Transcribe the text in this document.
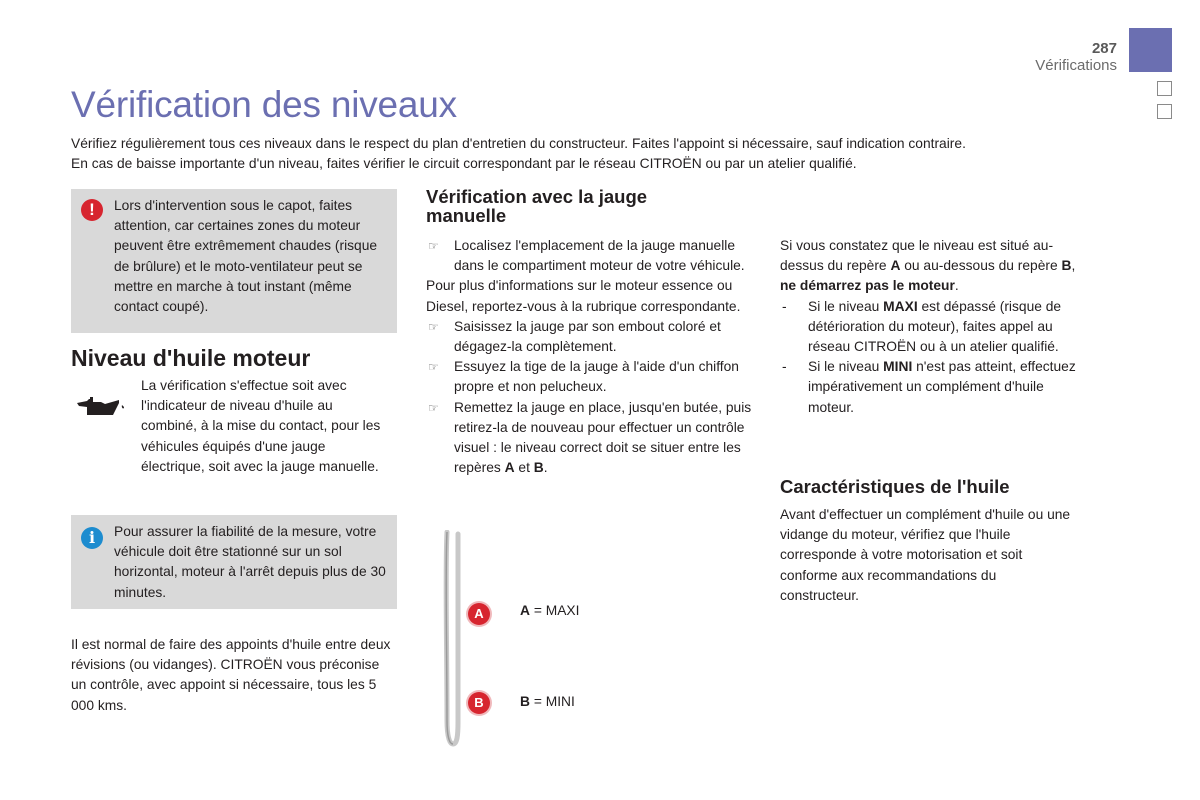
287
Vérifications
Vérification des niveaux

Vérifiez régulièrement tous ces niveaux dans le respect du plan d'entretien du constructeur. Faites l'appoint si nécessaire, sauf indication contraire.

En cas de baisse importante d'un niveau, faites vérifier le circuit correspondant par le réseau CITROËN ou par un atelier qualifié.

!	Lors d'intervention sous le capot, faites attention, car certaines zones du moteur peuvent être extrêmement chaudes (risque de brûlure) et le moto-ventilateur peut se mettre en marche à tout instant (même contact coupé).
Niveau d'huile moteur
La vérification s'effectue soit avec l'indicateur de niveau d'huile au combiné, à la mise du contact, pour les véhicules équipés d'une jauge électrique, soit avec la jauge manuelle.
i	Pour assurer la fiabilité de la mesure, votre véhicule doit être stationné sur un sol horizontal, moteur à l'arrêt depuis plus de 30 minutes.
Il est normal de faire des appoints d'huile entre deux révisions (ou vidanges). CITROËN vous préconise un contrôle, avec appoint si nécessaire, tous les 5 000 kms.
Vérification avec la jauge manuelle
☞ Localisez l'emplacement de la jauge manuelle dans le compartiment moteur de votre véhicule.
Pour plus d'informations sur le moteur essence ou Diesel, reportez-vous à la rubrique correspondante.
☞ Saisissez la jauge par son embout coloré et dégagez-la complètement.
☞ Essuyez la tige de la jauge à l'aide d'un chiffon propre et non pelucheux.
☞ Remettez la jauge en place, jusqu'en butée, puis retirez-la de nouveau pour effectuer un contrôle visuel : le niveau correct doit se situer entre les repères A et B.
A	A = MAXI
B	B = MINI
Si vous constatez que le niveau est situé au-dessus du repère A ou au-dessous du repère B, ne démarrez pas le moteur.
- Si le niveau MAXI est dépassé (risque de détérioration du moteur), faites appel au réseau CITROËN ou à un atelier qualifié.
- Si le niveau MINI n'est pas atteint, effectuez impérativement un complément d'huile moteur.
Caractéristiques de l'huile
Avant d'effectuer un complément d'huile ou une vidange du moteur, vérifiez que l'huile corresponde à votre motorisation et soit conforme aux recommandations du constructeur.
